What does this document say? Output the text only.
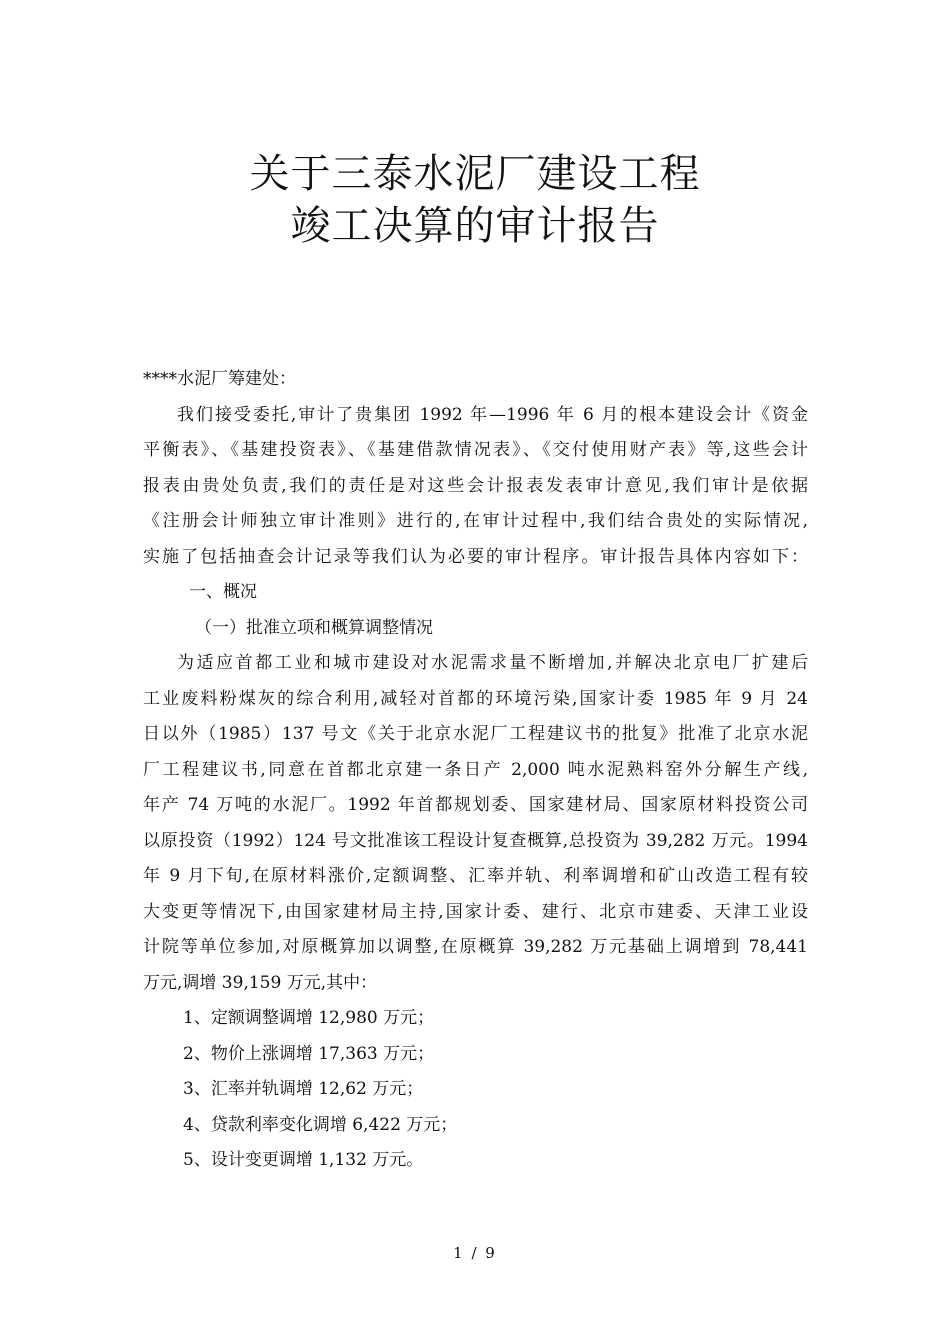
关于三泰水泥厂建设工程
竣工决算的审计报告
****水泥厂筹建处：
我们接受委托,审计了贵集团 1992 年—1996 年 6 月的根本建设会计《资金
平衡表》、《基建投资表》、《基建借款情况表》、《交付使用财产表》等,这些会计
报表由贵处负责,我们的责任是对这些会计报表发表审计意见,我们审计是依据
《注册会计师独立审计准则》进行的,在审计过程中,我们结合贵处的实际情况,
实施了包括抽查会计记录等我们认为必要的审计程序。审计报告具体内容如下：
一、概况
（一）批准立项和概算调整情况
为适应首都工业和城市建设对水泥需求量不断增加,并解决北京电厂扩建后
工业废料粉煤灰的综合利用,减轻对首都的环境污染,国家计委 1985 年 9 月 24
日以外（1985）137 号文《关于北京水泥厂工程建议书的批复》批准了北京水泥
厂工程建议书,同意在首都北京建一条日产 2,000 吨水泥熟料窑外分解生产线,
年产 74 万吨的水泥厂。1992 年首都规划委、国家建材局、国家原材料投资公司
以原投资（1992）124 号文批准该工程设计复查概算,总投资为 39,282 万元。1994
年 9 月下旬,在原材料涨价,定额调整、汇率并轨、利率调增和矿山改造工程有较
大变更等情况下,由国家建材局主持,国家计委、建行、北京市建委、天津工业设
计院等单位参加,对原概算加以调整,在原概算 39,282 万元基础上调增到 78,441
万元,调增 39,159 万元,其中：
1、定额调整调增 12,980 万元；
2、物价上涨调增 17,363 万元；
3、汇率并轨调增 12,62 万元；
4、贷款利率变化调增 6,422 万元；
5、设计变更调增 1,132 万元。
1 / 9
